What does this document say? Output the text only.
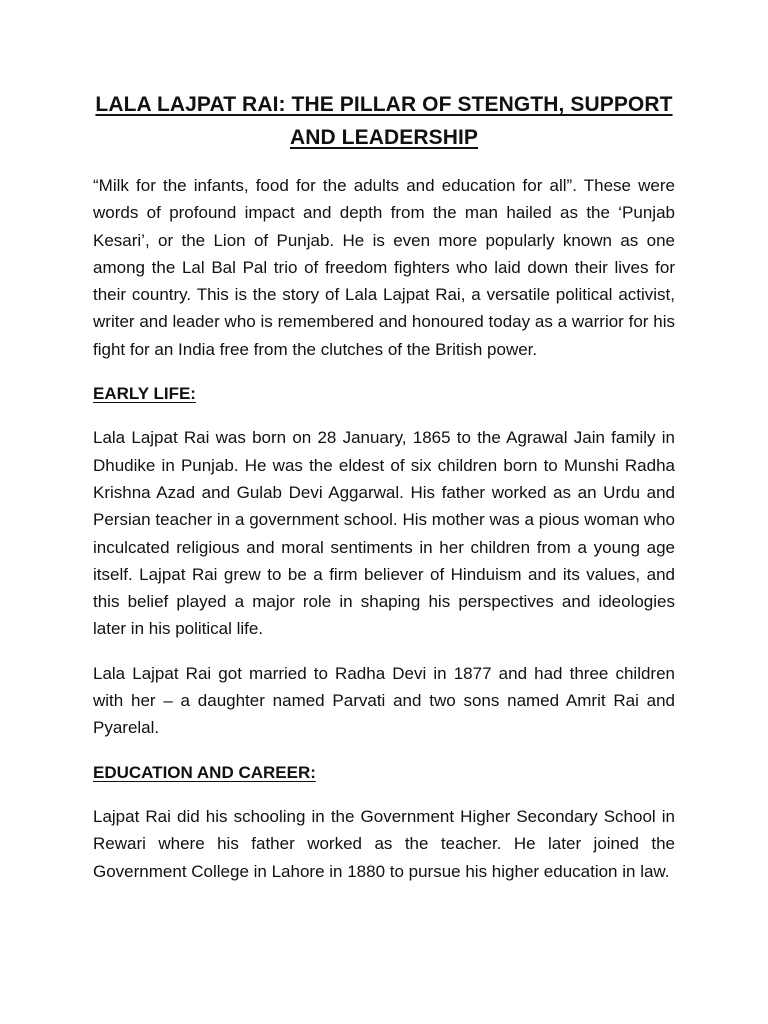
LALA LAJPAT RAI: THE PILLAR OF STENGTH, SUPPORT AND LEADERSHIP

“Milk for the infants, food for the adults and education for all”. These were words of profound impact and depth from the man hailed as the ‘Punjab Kesari’, or the Lion of Punjab. He is even more popularly known as one among the Lal Bal Pal trio of freedom fighters who laid down their lives for their country. This is the story of Lala Lajpat Rai, a versatile political activist, writer and leader who is remembered and honoured today as a warrior for his fight for an India free from the clutches of the British power.

EARLY LIFE:

Lala Lajpat Rai was born on 28 January, 1865 to the Agrawal Jain family in Dhudike in Punjab. He was the eldest of six children born to Munshi Radha Krishna Azad and Gulab Devi Aggarwal. His father worked as an Urdu and Persian teacher in a government school. His mother was a pious woman who inculcated religious and moral sentiments in her children from a young age itself. Lajpat Rai grew to be a firm believer of Hinduism and its values, and this belief played a major role in shaping his perspectives and ideologies later in his political life.

Lala Lajpat Rai got married to Radha Devi in 1877 and had three children with her – a daughter named Parvati and two sons named Amrit Rai and Pyarelal.

EDUCATION AND CAREER:

Lajpat Rai did his schooling in the Government Higher Secondary School in Rewari where his father worked as the teacher. He later joined the Government College in Lahore in 1880 to pursue his higher education in law.
